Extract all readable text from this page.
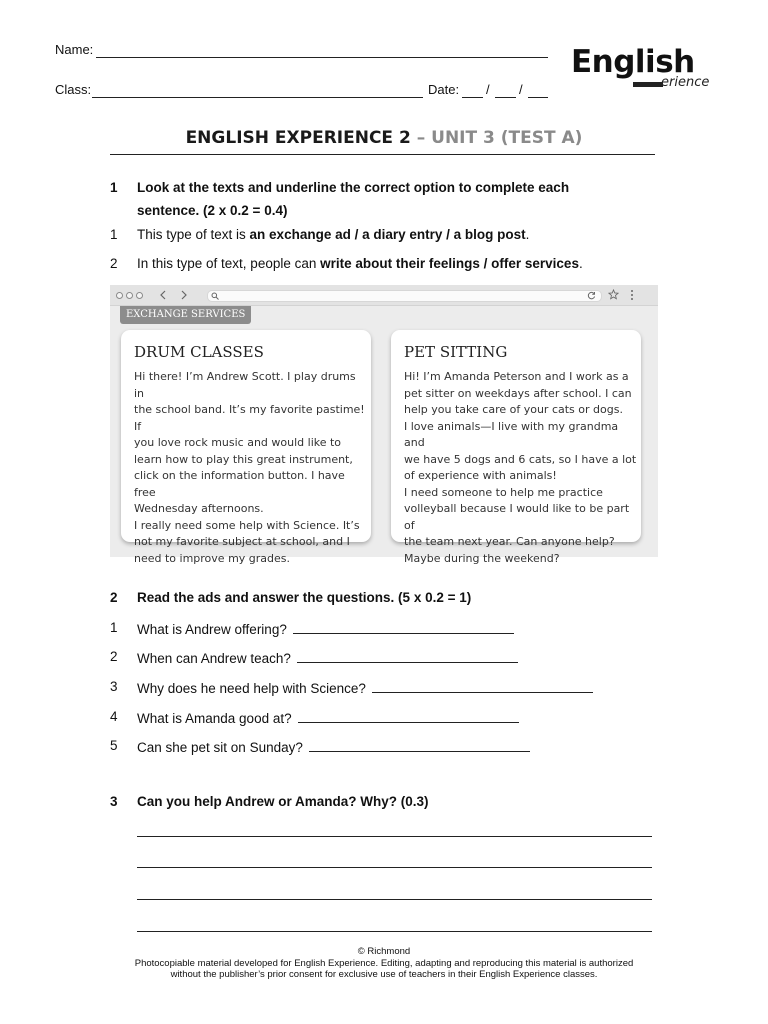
Name:
Class:	Date: / /
English
erience
ENGLISH EXPERIENCE 2 – UNIT 3 (TEST A)
1 Look at the texts and underline the correct option to complete each
sentence. (2 x 0.2 = 0.4)
1 This type of text is an exchange ad / a diary entry / a blog post.
2 In this type of text, people can write about their feelings / offer services.
EXCHANGE SERVICES
DRUM CLASSES

Hi there! I’m Andrew Scott. I play drums in
the school band. It’s my favorite pastime! If
you love rock music and would like to
learn how to play this great instrument,
click on the information button. I have free
Wednesday afternoons.
I really need some help with Science. It’s
not my favorite subject at school, and I
need to improve my grades.

PET SITTING

Hi! I’m Amanda Peterson and I work as a
pet sitter on weekdays after school. I can
help you take care of your cats or dogs.
I love animals—I live with my grandma and
we have 5 dogs and 6 cats, so I have a lot
of experience with animals!
I need someone to help me practice
volleyball because I would like to be part of
the team next year. Can anyone help?
Maybe during the weekend?

2 Read the ads and answer the questions. (5 x 0.2 = 1)
1 What is Andrew offering?
2 When can Andrew teach?
3 Why does he need help with Science?
4 What is Amanda good at?
5 Can she pet sit on Sunday?
3 Can you help Andrew or Amanda? Why? (0.3)
© Richmond
Photocopiable material developed for English Experience. Editing, adapting and reproducing this material is authorized
without the publisher’s prior consent for exclusive use of teachers in their English Experience classes.
